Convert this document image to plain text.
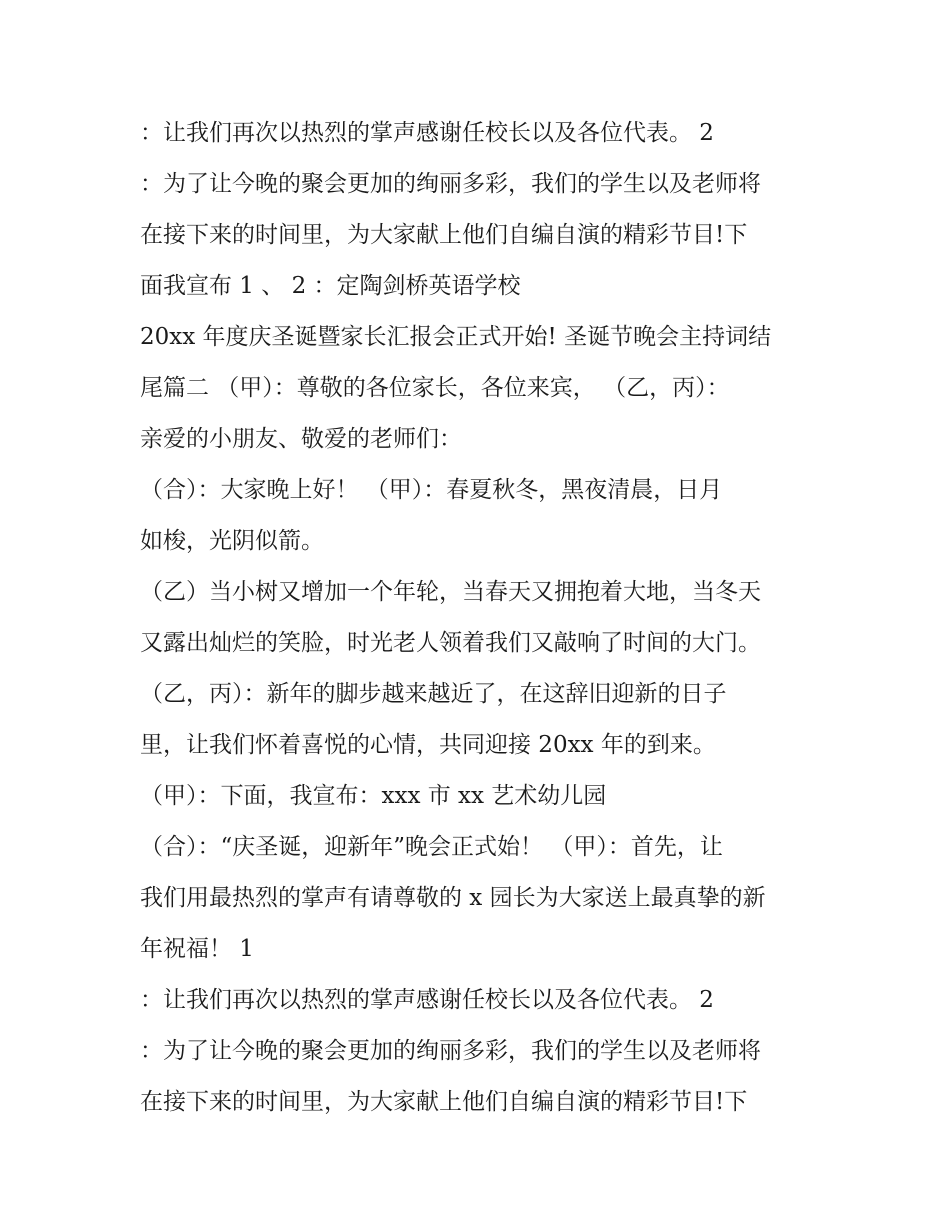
：让我们再次以热烈的掌声感谢任校长以及各位代表。 2
：为了让今晚的聚会更加的绚丽多彩，我们的学生以及老师将
在接下来的时间里，为大家献上他们自编自演的精彩节目!下
面我宣布 1 、 2 ：定陶剑桥英语学校
20xx 年度庆圣诞暨家长汇报会正式开始! 圣诞节晚会主持词结
尾篇二 （甲）：尊敬的各位家长，各位来宾， （乙，丙）：
亲爱的小朋友、敬爱的老师们：
（合）：大家晚上好！ （甲）：春夏秋冬，黑夜清晨，日月
如梭，光阴似箭。
（乙）当小树又增加一个年轮，当春天又拥抱着大地，当冬天
又露出灿烂的笑脸，时光老人领着我们又敲响了时间的大门。
（乙，丙）：新年的脚步越来越近了，在这辞旧迎新的日子
里，让我们怀着喜悦的心情，共同迎接 20xx 年的到来。
（甲）：下面，我宣布：xxx 市 xx 艺术幼儿园
（合）：“庆圣诞，迎新年”晚会正式始！ （甲）：首先，让
我们用最热烈的掌声有请尊敬的 x 园长为大家送上最真挚的新
年祝福！ 1
：让我们再次以热烈的掌声感谢任校长以及各位代表。 2
：为了让今晚的聚会更加的绚丽多彩，我们的学生以及老师将
在接下来的时间里，为大家献上他们自编自演的精彩节目!下
